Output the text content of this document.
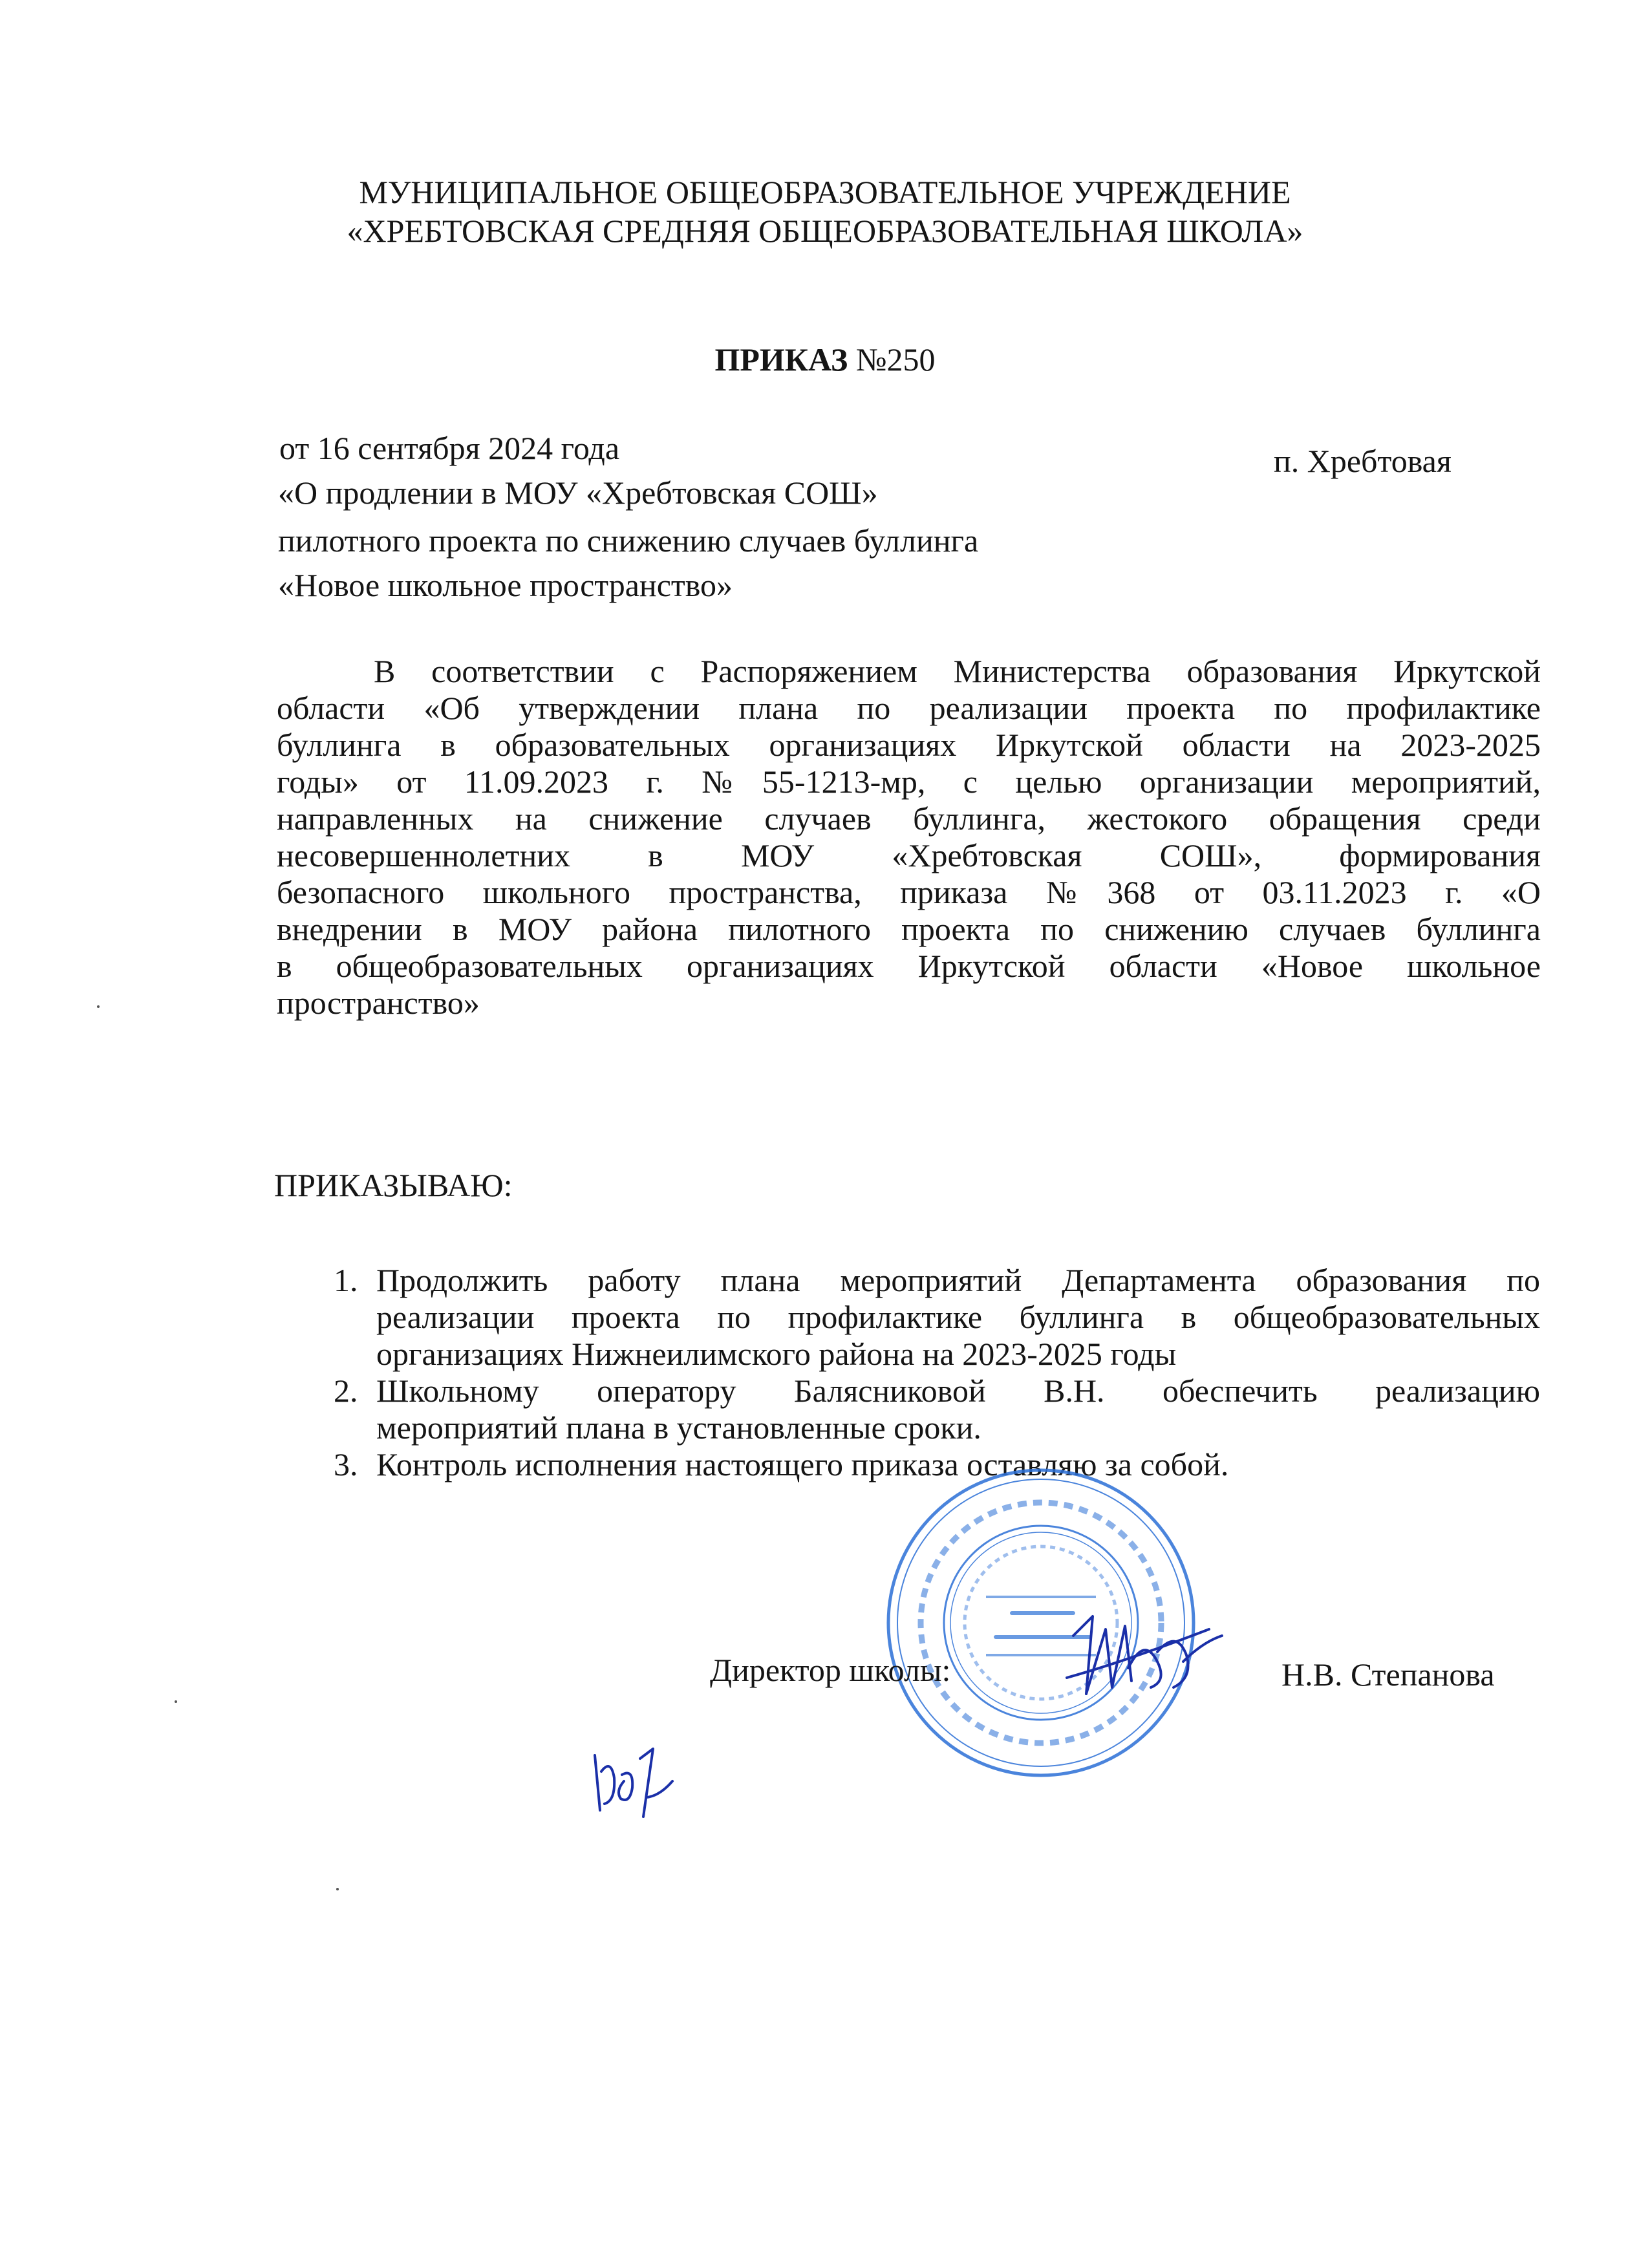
МУНИЦИПАЛЬНОЕ ОБЩЕОБРАЗОВАТЕЛЬНОЕ УЧРЕЖДЕНИЕ
«ХРЕБТОВСКАЯ СРЕДНЯЯ ОБЩЕОБРАЗОВАТЕЛЬНАЯ ШКОЛА»
ПРИКАЗ №250
от 16 сентября 2024 года	п. Хребтовая
«О продлении в МОУ «Хребтовская СОШ»
пилотного проекта по снижению случаев буллинга
«Новое школьное пространство»
В соответствии с Распоряжением Министерства образования Иркутской
области «Об утверждении плана по реализации проекта по профилактике
буллинга в образовательных организациях Иркутской области на 2023-2025
годы» от 11.09.2023 г. №55-1213-мр, с целью организации мероприятий,
направленных на снижение случаев буллинга, жестокого обращения среди
несовершеннолетних в МОУ «Хребтовская СОШ», формирования
безопасного школьного пространства, приказа №368 от 03.11.2023 г. «О
внедрении в МОУ района пилотного проекта по снижению случаев буллинга
в общеобразовательных организациях Иркутской области «Новое школьное
пространство»
ПРИКАЗЫВАЮ:
1. Продолжить работу плана мероприятий Департамента образования по
реализации проекта по профилактике буллинга в общеобразовательных
организациях Нижнеилимского района на 2023-2025 годы
2. Школьному оператору Балясниковой В.Н. обеспечить реализацию
мероприятий плана в установленные сроки.
3. Контроль исполнения настоящего приказа оставляю за собой.
Директор школы:	Н.В. Степанова
